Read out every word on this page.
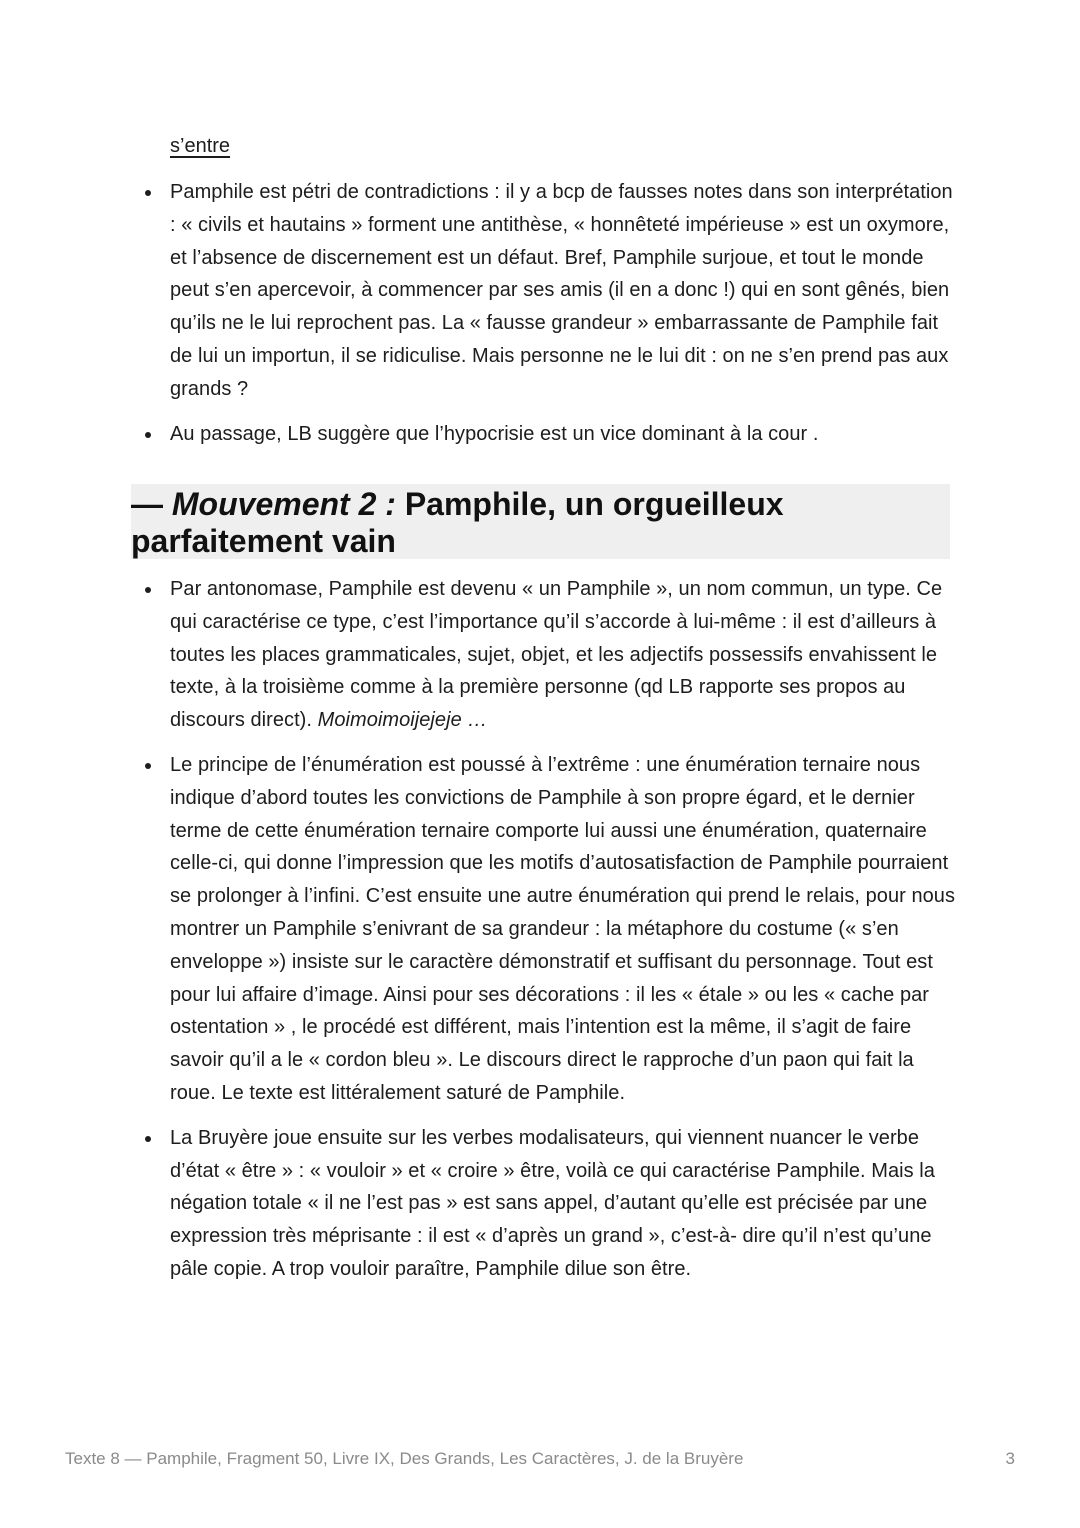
s’entre
Pamphile est pétri de contradictions : il y a bcp de fausses notes dans son interprétation : « civils et hautains » forment une antithèse, « honnêteté impérieuse » est un oxymore, et l’absence de discernement est un défaut. Bref, Pamphile surjoue, et tout le monde peut s’en apercevoir, à commencer par ses amis (il en a donc !) qui en sont gênés, bien qu’ils ne le lui reprochent pas. La « fausse grandeur » embarrassante de Pamphile fait de lui un importun, il se ridiculise. Mais personne ne le lui dit : on ne s’en prend pas aux grands ?
Au passage, LB suggère que l’hypocrisie est un vice dominant à la cour .
— Mouvement 2 : Pamphile, un orgueilleux
parfaitement vain
Par antonomase, Pamphile est devenu « un Pamphile », un nom commun, un type. Ce qui caractérise ce type, c’est l’importance qu’il s’accorde à lui-même : il est d’ailleurs à toutes les places grammaticales, sujet, objet, et les adjectifs possessifs envahissent le texte, à la troisième comme à la première personne (qd LB rapporte ses propos au discours direct). Moimoimoijejeje …
Le principe de l’énumération est poussé à l’extrême : une énumération ternaire nous indique d’abord toutes les convictions de Pamphile à son propre égard, et le dernier terme de cette énumération ternaire comporte lui aussi une énumération, quaternaire celle-ci, qui donne l’impression que les motifs d’autosatisfaction de Pamphile pourraient se prolonger à l’infini. C’est ensuite une autre énumération qui prend le relais, pour nous montrer un Pamphile s’enivrant de sa grandeur : la métaphore du costume (« s’en enveloppe ») insiste sur le caractère démonstratif et suffisant du personnage. Tout est pour lui affaire d’image. Ainsi pour ses décorations : il les « étale » ou les « cache par ostentation » , le procédé est différent, mais l’intention est la même, il s’agit de faire savoir qu’il a le « cordon bleu ». Le discours direct le rapproche d’un paon qui fait la roue. Le texte est littéralement saturé de Pamphile.
La Bruyère joue ensuite sur les verbes modalisateurs, qui viennent nuancer le verbe d’état « être » : « vouloir » et « croire » être, voilà ce qui caractérise Pamphile. Mais la négation totale « il ne l’est pas » est sans appel, d’autant qu’elle est précisée par une expression très méprisante : il est « d’après un grand », c’est-à- dire qu’il n’est qu’une pâle copie. A trop vouloir paraître, Pamphile dilue son être.
Texte 8 — Pamphile, Fragment 50, Livre IX, Des Grands, Les Caractères, J. de la Bruyère	3
